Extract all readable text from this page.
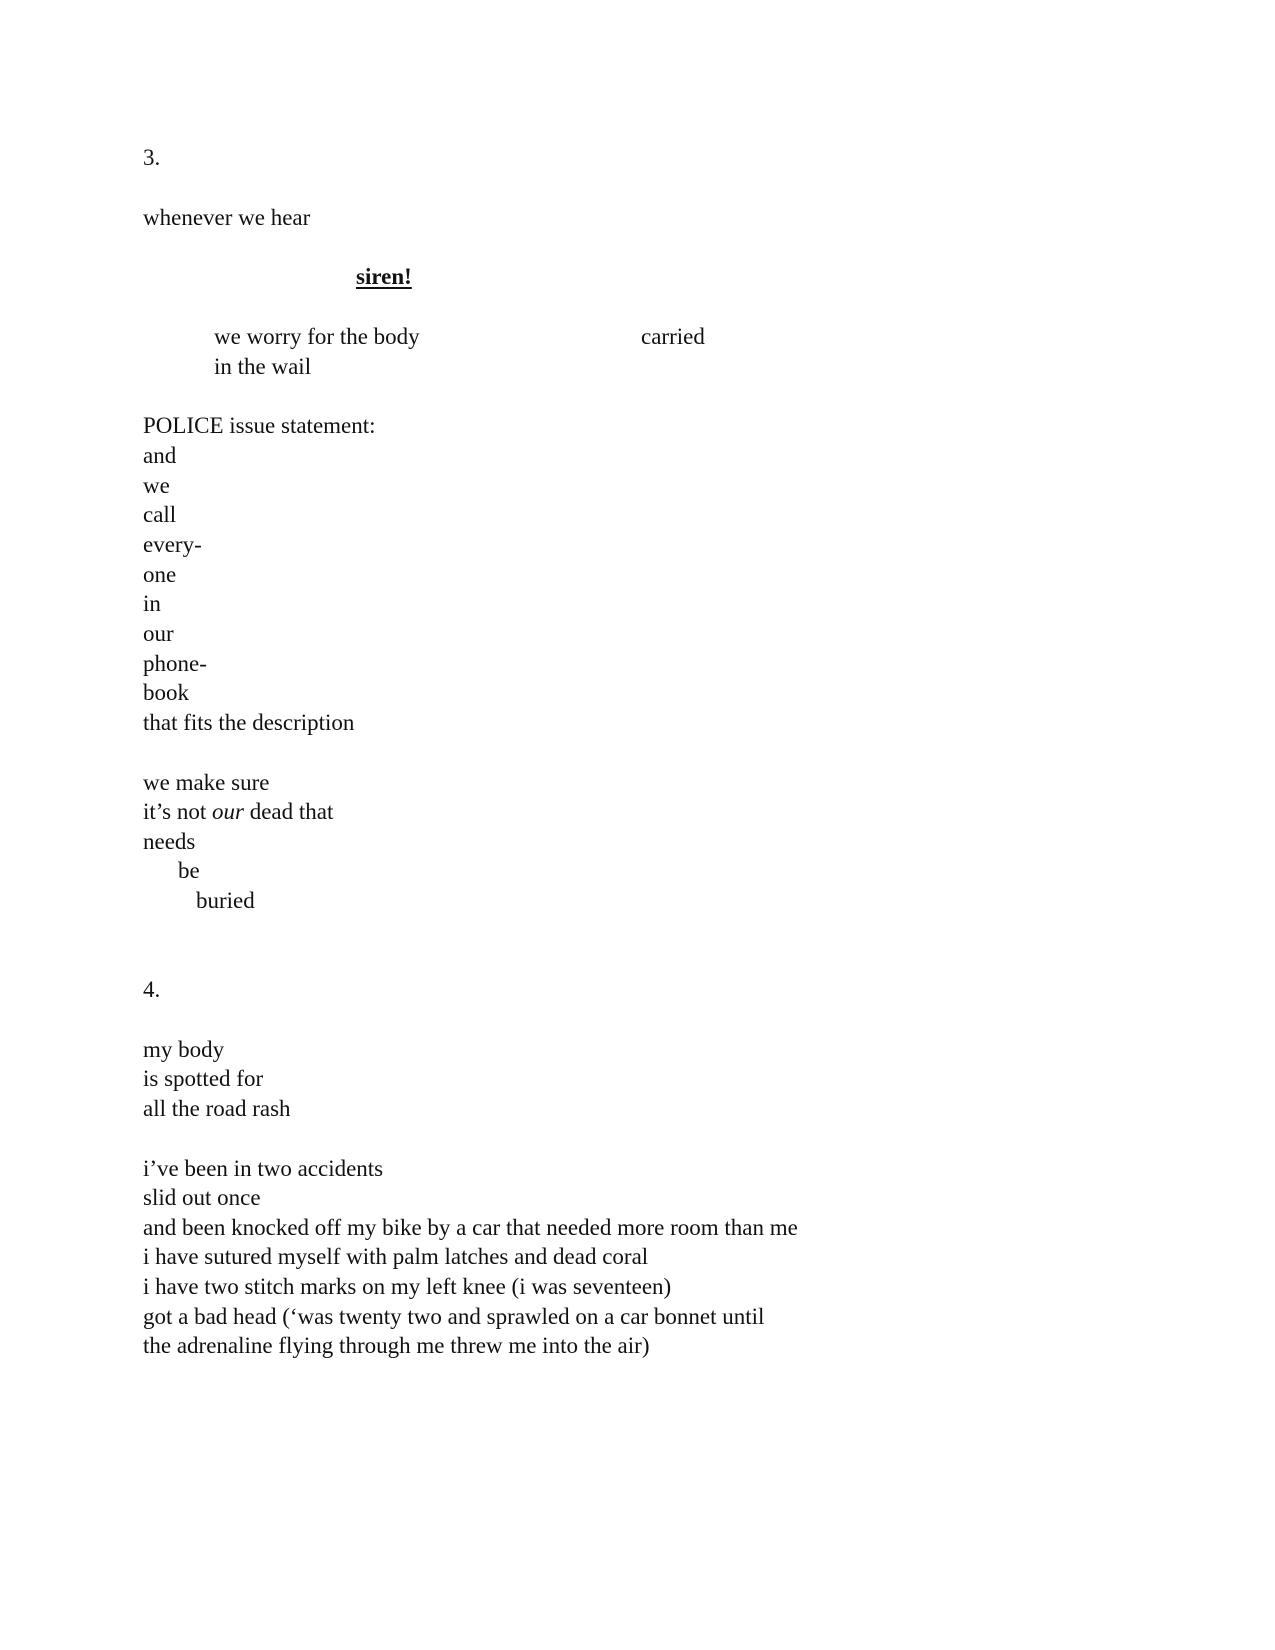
3.

whenever we hear

siren!

we worry for the body	carried

in the wail

POLICE issue statement:

and

we

call

every-

one

in

our

phone-

book

that fits the description

we make sure

it’s not our dead that

needs

be

buried

4.

my body

is spotted for

all the road rash

i’ve been in two accidents

slid out once

and been knocked off my bike by a car that needed more room than me

i have sutured myself with palm latches and dead coral

i have two stitch marks on my left knee (i was seventeen)

got a bad head (‘was twenty two and sprawled on a car bonnet until

the adrenaline flying through me threw me into the air)
